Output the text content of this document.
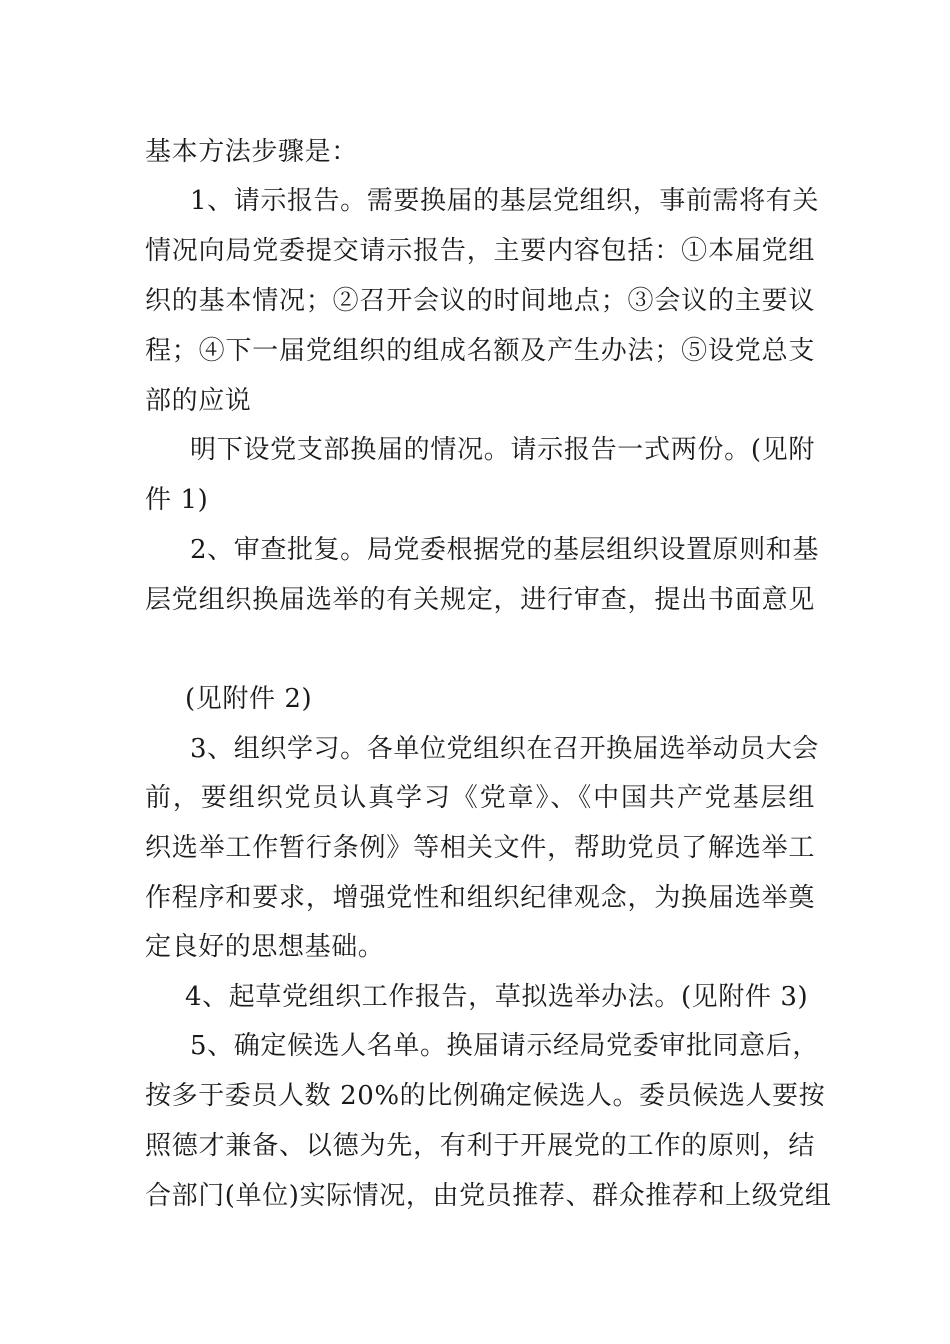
基本方法步骤是：
1、请示报告。需要换届的基层党组织，事前需将有关
情况向局党委提交请示报告，主要内容包括：①本届党组
织的基本情况；②召开会议的时间地点；③会议的主要议
程；④下一届党组织的组成名额及产生办法；⑤设党总支
部的应说
明下设党支部换届的情况。请示报告一式两份。(见附
件 1)
2、审查批复。局党委根据党的基层组织设置原则和基
层党组织换届选举的有关规定，进行审查，提出书面意见
(见附件 2)
3、组织学习。各单位党组织在召开换届选举动员大会
前，要组织党员认真学习《党章》、《中国共产党基层组
织选举工作暂行条例》等相关文件，帮助党员了解选举工
作程序和要求，增强党性和组织纪律观念，为换届选举奠
定良好的思想基础。
4、起草党组织工作报告，草拟选举办法。(见附件 3)
5、确定候选人名单。换届请示经局党委审批同意后，
按多于委员人数 20%的比例确定候选人。委员候选人要按
照德才兼备、以德为先，有利于开展党的工作的原则，结
合部门(单位)实际情况，由党员推荐、群众推荐和上级党组
